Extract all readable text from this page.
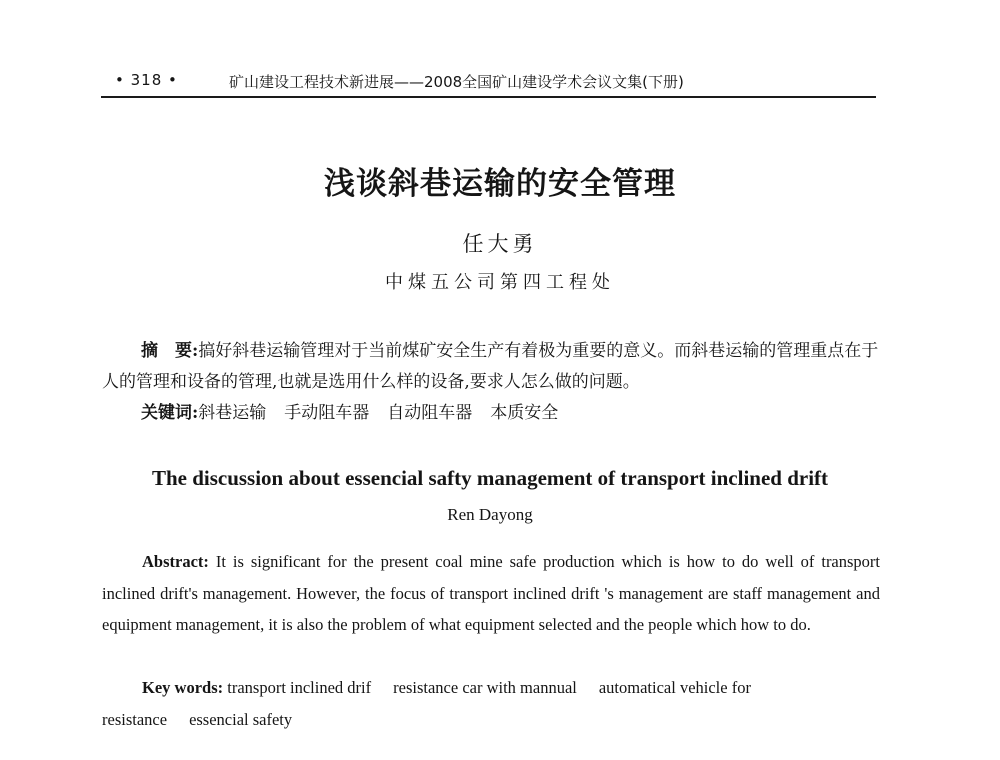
• 318 •	矿山建设工程技术新进展——2008全国矿山建设学术会议文集(下册)
浅谈斜巷运输的安全管理
任大勇
中煤五公司第四工程处

摘　要:搞好斜巷运输管理对于当前煤矿安全生产有着极为重要的意义。而斜巷运输的管理重点在于人的管理和设备的管理,也就是选用什么样的设备,要求人怎么做的问题。

关键词:斜巷运输 手动阻车器 自动阻车器 本质安全

The discussion about essencial safty management of transport inclined drift
Ren Dayong

Abstract: It is significant for the present coal mine safe production which is how to do well of transport inclined drift's management. However, the focus of transport inclined drift 's management are staff management and equipment management, it is also the problem of what equipment selected and the people which how to do.

Key words: transport inclined drif resistance car with mannual automatical vehicle for resistance essencial safety
